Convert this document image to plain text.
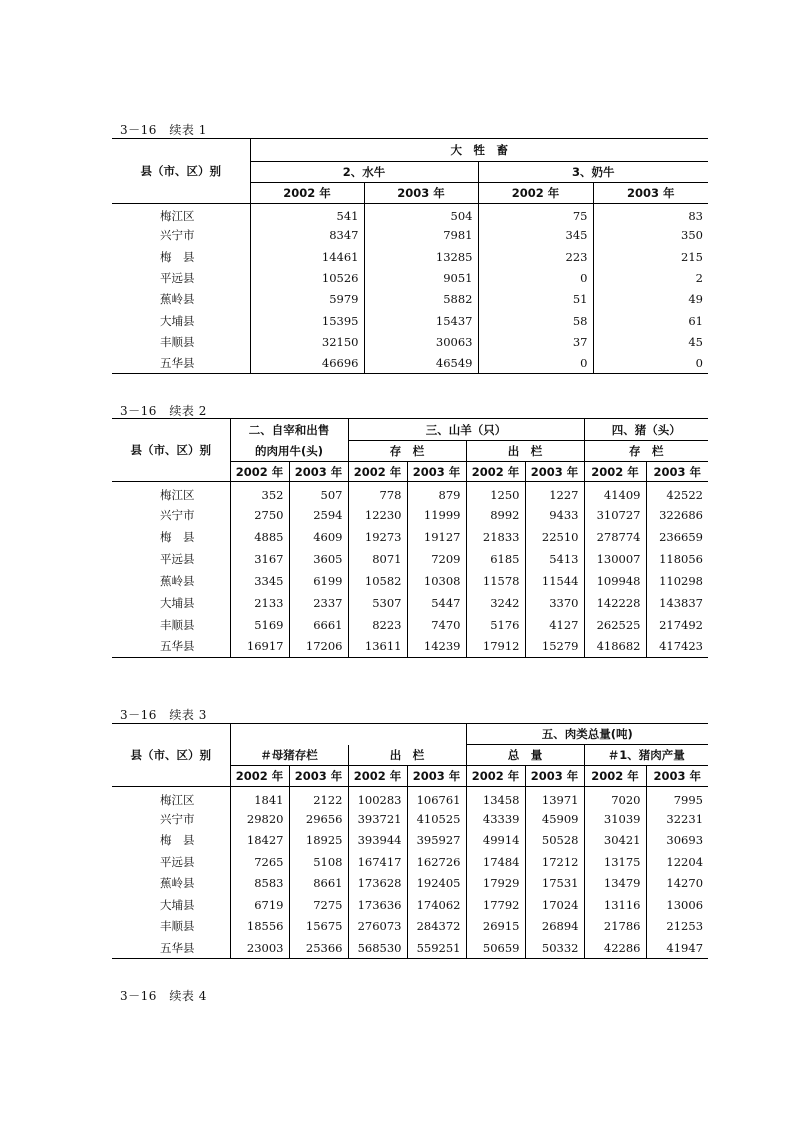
3－16　续表 1
县（市、区）别	大　牲　畜			
	2、水牛		3、奶牛	
	2002 年	2003 年	2002 年	2003 年
梅江区	541	504	75	83
兴宁市	8347	7981	345	350
梅　县	14461	13285	223	215
平远县	10526	9051	0	2
蕉岭县	5979	5882	51	49
大埔县	15395	15437	58	61
丰顺县	32150	30063	37	45
五华县	46696	46549	0	0
3－16　续表 2
县（市、区）别	二、自宰和出售		三、山羊（只）				四、猪（头）	
	的肉用牛(头)		存　栏		出　栏		存　栏	
	2002 年	2003 年	2002 年	2003 年	2002 年	2003 年	2002 年	2003 年
梅江区	352	507	778	879	1250	1227	41409	42522
兴宁市	2750	2594	12230	11999	8992	9433	310727	322686
梅　县	4885	4609	19273	19127	21833	22510	278774	236659
平远县	3167	3605	8071	7209	6185	5413	130007	118056
蕉岭县	3345	6199	10582	10308	11578	11544	109948	110298
大埔县	2133	2337	5307	5447	3242	3370	142228	143837
丰顺县	5169	6661	8223	7470	5176	4127	262525	217492
五华县	16917	17206	13611	14239	17912	15279	418682	417423
3－16　续表 3
县（市、区）别					五、肉类总量(吨)			
	＃母猪存栏		出　栏		总　量		＃1、猪肉产量	
	2002 年	2003 年	2002 年	2003 年	2002 年	2003 年	2002 年	2003 年
梅江区	1841	2122	100283	106761	13458	13971	7020	7995
兴宁市	29820	29656	393721	410525	43339	45909	31039	32231
梅　县	18427	18925	393944	395927	49914	50528	30421	30693
平远县	7265	5108	167417	162726	17484	17212	13175	12204
蕉岭县	8583	8661	173628	192405	17929	17531	13479	14270
大埔县	6719	7275	173636	174062	17792	17024	13116	13006
丰顺县	18556	15675	276073	284372	26915	26894	21786	21253
五华县	23003	25366	568530	559251	50659	50332	42286	41947
3－16　续表 4
